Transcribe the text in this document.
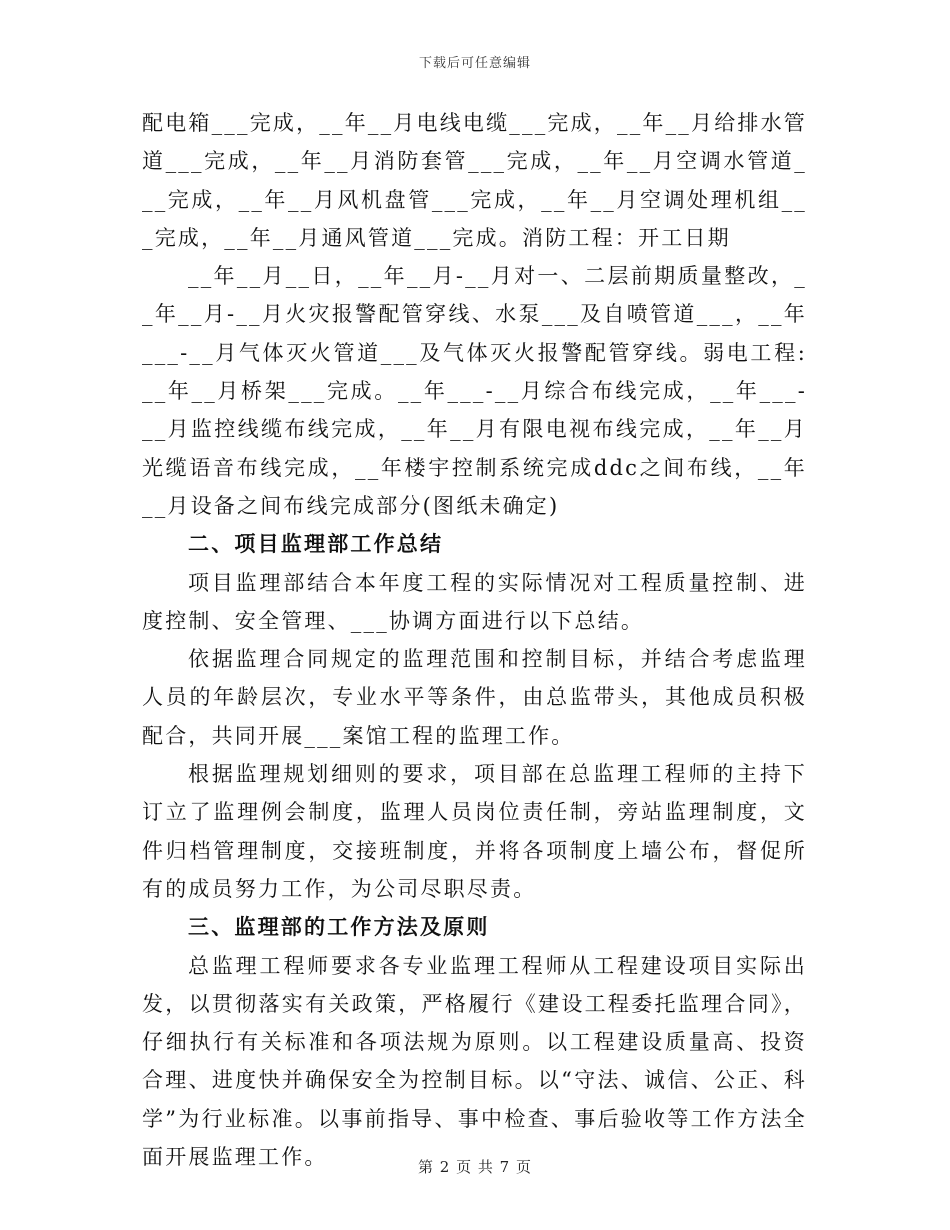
下载后可任意编辑

配电箱___完成，__年__月电线电缆___完成，__年__月给排水管道___完成，__年__月消防套管___完成，__年__月空调水管道___完成，__年__月风机盘管___完成，__年__月空调处理机组___完成，__年__月通风管道___完成。消防工程：开工日期

__年__月__日，__年__月-__月对一、二层前期质量整改，__年__月-__月火灾报警配管穿线、水泵___及自喷管道___，__年___-__月气体灭火管道___及气体灭火报警配管穿线。弱电工程:__年__月桥架___完成。__年___-__月综合布线完成，__年___-__月监控线缆布线完成，__年__月有限电视布线完成，__年__月光缆语音布线完成，__年楼宇控制系统完成ddc之间布线，__年__月设备之间布线完成部分(图纸未确定)

二、项目监理部工作总结

项目监理部结合本年度工程的实际情况对工程质量控制、进度控制、安全管理、___协调方面进行以下总结。

依据监理合同规定的监理范围和控制目标，并结合考虑监理人员的年龄层次，专业水平等条件，由总监带头，其他成员积极配合，共同开展___案馆工程的监理工作。

根据监理规划细则的要求，项目部在总监理工程师的主持下订立了监理例会制度，监理人员岗位责任制，旁站监理制度，文件归档管理制度，交接班制度，并将各项制度上墙公布，督促所有的成员努力工作，为公司尽职尽责。

三、监理部的工作方法及原则

总监理工程师要求各专业监理工程师从工程建设项目实际出发，以贯彻落实有关政策，严格履行《建设工程委托监理合同》，仔细执行有关标准和各项法规为原则。以工程建设质量高、投资合理、进度快并确保安全为控制目标。以“守法、诚信、公正、科学”为行业标准。以事前指导、事中检查、事后验收等工作方法全面开展监理工作。	第 2 页 共 7 页
